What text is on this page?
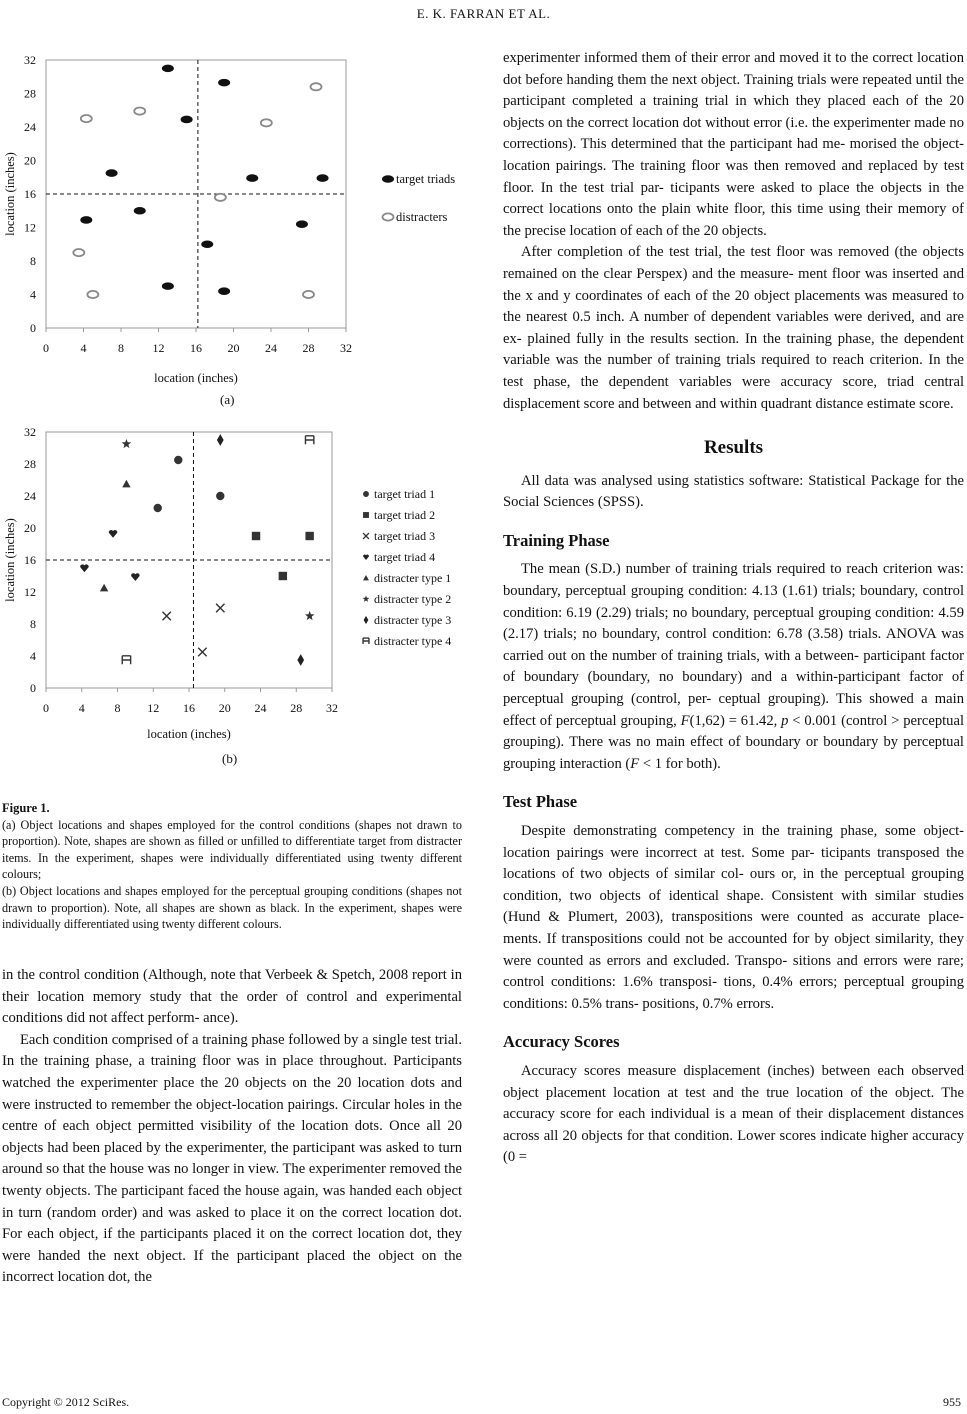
E. K. FARRAN ET AL.
0	4	8 12 16 20 24 28 32
0
4
8
12
16
20
24
28
32
location (inches)
location (inches)	target triads
distracters
(a)
0 4 8 12 16 20 24 28 32
0
4
8
12
16
20
24
28
32
location (inches)
location (inches)
target triad 1
target triad 2
target triad 3
target triad 4
distracter type 1
distracter type 2
distracter type 3
distracter type 4
(b)
Figure 1.
(a) Object locations and shapes employed for the control conditions (shapes not drawn to proportion). Note, shapes are shown as filled or unfilled to differentiate target from distracter items. In the experiment, shapes were individually differentiated using twenty different colours;
(b) Object locations and shapes employed for the perceptual grouping conditions (shapes not drawn to proportion). Note, all shapes are shown as black. In the experiment, shapes were individually differentiated using twenty different colours.

in the control condition (Although, note that Verbeek & Spetch, 2008 report in their location memory study that the order of control and experimental conditions did not affect perform- ance).

Each condition comprised of a training phase followed by a single test trial. In the training phase, a training floor was in place throughout. Participants watched the experimenter place the 20 objects on the 20 location dots and were instructed to remember the object-location pairings. Circular holes in the centre of each object permitted visibility of the location dots. Once all 20 objects had been placed by the experimenter, the participant was asked to turn around so that the house was no longer in view. The experimenter removed the twenty objects. The participant faced the house again, was handed each object in turn (random order) and was asked to place it on the correct location dot. For each object, if the participants placed it on the correct location dot, they were handed the next object. If the participant placed the object on the incorrect location dot, the

experimenter informed them of their error and moved it to the correct location dot before handing them the next object. Training trials were repeated until the participant completed a training trial in which they placed each of the 20 objects on the correct location dot without error (i.e. the experimenter made no corrections). This determined that the participant had me- morised the object-location pairings. The training floor was then removed and replaced by test floor. In the test trial par- ticipants were asked to place the objects in the correct locations onto the plain white floor, this time using their memory of the precise location of each of the 20 objects.

After completion of the test trial, the test floor was removed (the objects remained on the clear Perspex) and the measure- ment floor was inserted and the x and y coordinates of each of the 20 object placements was measured to the nearest 0.5 inch. A number of dependent variables were derived, and are ex- plained fully in the results section. In the training phase, the dependent variable was the number of training trials required to reach criterion. In the test phase, the dependent variables were accuracy score, triad central displacement score and between and within quadrant distance estimate score.

Results

All data was analysed using statistics software: Statistical Package for the Social Sciences (SPSS).

Training Phase

The mean (S.D.) number of training trials required to reach criterion was: boundary, perceptual grouping condition: 4.13 (1.61) trials; boundary, control condition: 6.19 (2.29) trials; no boundary, perceptual grouping condition: 4.59 (2.17) trials; no boundary, control condition: 6.78 (3.58) trials. ANOVA was carried out on the number of training trials, with a between- participant factor of boundary (boundary, no boundary) and a within-participant factor of perceptual grouping (control, per- ceptual grouping). This showed a main effect of perceptual grouping, F(1,62) = 61.42, p < 0.001 (control > perceptual grouping). There was no main effect of boundary or boundary by perceptual grouping interaction (F < 1 for both).

Test Phase

Despite demonstrating competency in the training phase, some object-location pairings were incorrect at test. Some par- ticipants transposed the locations of two objects of similar col- ours or, in the perceptual grouping condition, two objects of identical shape. Consistent with similar studies (Hund & Plumert, 2003), transpositions were counted as accurate place- ments. If transpositions could not be accounted for by object similarity, they were counted as errors and excluded. Transpo- sitions and errors were rare; control conditions: 1.6% transposi- tions, 0.4% errors; perceptual grouping conditions: 0.5% trans- positions, 0.7% errors.

Accuracy Scores

Accuracy scores measure displacement (inches) between each observed object placement location at test and the true location of the object. The accuracy score for each individual is a mean of their displacement distances across all 20 objects for that condition. Lower scores indicate higher accuracy (0 =

Copyright © 2012 SciRes.	955
